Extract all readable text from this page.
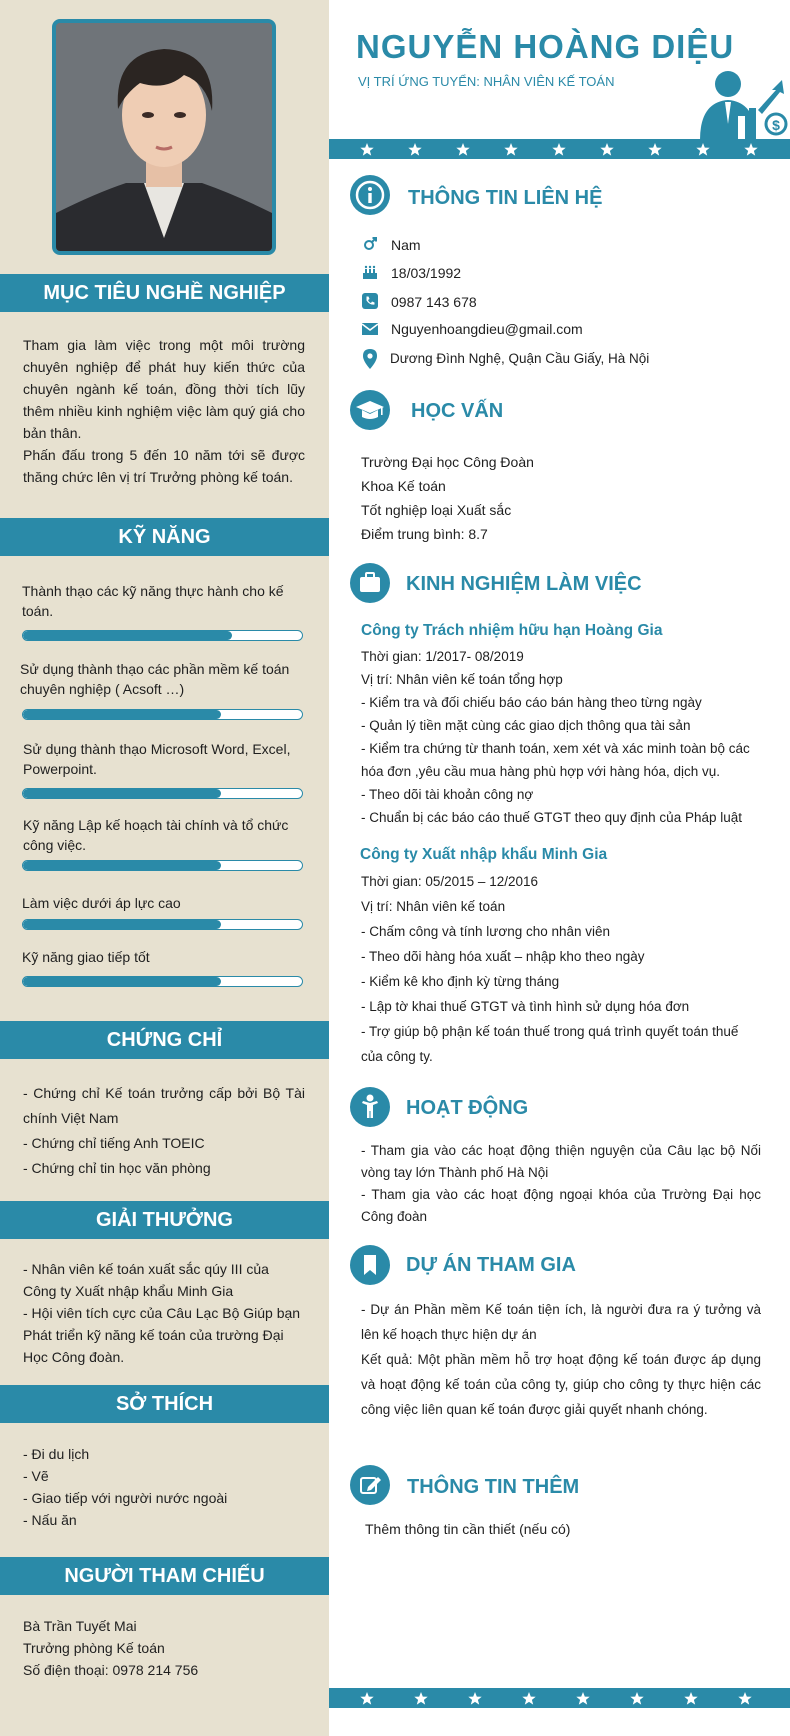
MỤC TIÊU NGHỀ NGHIỆP
Tham gia làm việc trong một môi trường chuyên nghiệp để phát huy kiến thức của chuyên ngành kế toán, đồng thời tích lũy thêm nhiều kinh nghiệm việc làm quý giá cho bản thân.
Phấn đấu trong 5 đến 10 năm tới sẽ được thăng chức lên vị trí Trưởng phòng kế toán.
KỸ NĂNG
Thành thạo các kỹ năng thực hành cho kế toán.
Sử dụng thành thạo các phần mềm kế toán chuyên nghiệp ( Acsoft …)
Sử dụng thành thạo Microsoft Word, Excel, Powerpoint.
Kỹ năng Lập kế hoạch tài chính và tổ chức công việc.
Làm việc dưới áp lực cao
Kỹ năng giao tiếp tốt
CHỨNG CHỈ
- Chứng chỉ Kế toán trưởng cấp bởi Bộ Tài chính Việt Nam
- Chứng chỉ tiếng Anh TOEIC
- Chứng chỉ tin học văn phòng
GIẢI THƯỞNG
- Nhân viên kế toán xuất sắc qúy III của Công ty Xuất nhập khẩu Minh Gia
- Hội viên tích cực của Câu Lạc Bộ Giúp bạn Phát triển kỹ năng kế toán của trường Đại Học Công đoàn.
SỞ THÍCH
- Đi du lịch
- Vẽ
- Giao tiếp với người nước ngoài
- Nấu ăn
NGƯỜI THAM CHIẾU
Bà Trần Tuyết Mai
Trưởng phòng Kế toán
Số điện thoại: 0978 214 756
NGUYỄN HOÀNG DIỆU
VỊ TRÍ ỨNG TUYỂN: NHÂN VIÊN KẾ TOÁN
$
THÔNG TIN LIÊN HỆ
Nam
18/03/1992
0987 143 678
Nguyenhoangdieu@gmail.com
Dương Đình Nghệ, Quận Cầu Giấy, Hà Nội
HỌC VẤN
Trường Đại học Công Đoàn
Khoa Kế toán
Tốt nghiệp loại Xuất sắc
Điểm trung bình: 8.7
KINH NGHIỆM LÀM VIỆC
Công ty Trách nhiệm hữu hạn Hoàng Gia
Thời gian: 1/2017- 08/2019
Vị trí: Nhân viên kế toán tổng hợp
- Kiểm tra và đối chiếu báo cáo bán hàng theo từng ngày
- Quản lý tiền mặt cùng các giao dịch thông qua tài sản
- Kiểm tra chứng từ thanh toán, xem xét và xác minh toàn bộ các hóa đơn ,yêu cầu mua hàng phù hợp với hàng hóa, dịch vụ.
- Theo dõi tài khoản công nợ
- Chuẩn bị các báo cáo thuế GTGT theo quy định của Pháp luật
Công ty Xuất nhập khẩu Minh Gia
Thời gian: 05/2015 – 12/2016
Vị trí: Nhân viên kế toán
- Chấm công và tính lương cho nhân viên
- Theo dõi hàng hóa xuất – nhập kho theo ngày
- Kiểm kê kho định kỳ từng tháng
- Lập tờ khai thuế GTGT và tình hình sử dụng hóa đơn
- Trợ giúp bộ phận kế toán thuế trong quá trình quyết toán thuế của công ty.
HOẠT ĐỘNG
- Tham gia vào các hoạt động thiện nguyện của Câu lạc bộ Nối vòng tay lớn Thành phố Hà Nội
- Tham gia vào các hoạt động ngoại khóa của Trường Đại học Công đoàn
DỰ ÁN THAM GIA
- Dự án Phần mềm Kế toán tiện ích, là người đưa ra ý tưởng và lên kế hoạch thực hiện dự án
Kết quả: Một phần mềm hỗ trợ hoạt động kế toán được áp dụng và hoạt động kế toán của công ty, giúp cho công ty thực hiện các công việc liên quan kế toán được giải quyết nhanh chóng.
THÔNG TIN THÊM
Thêm thông tin cần thiết (nếu có)
